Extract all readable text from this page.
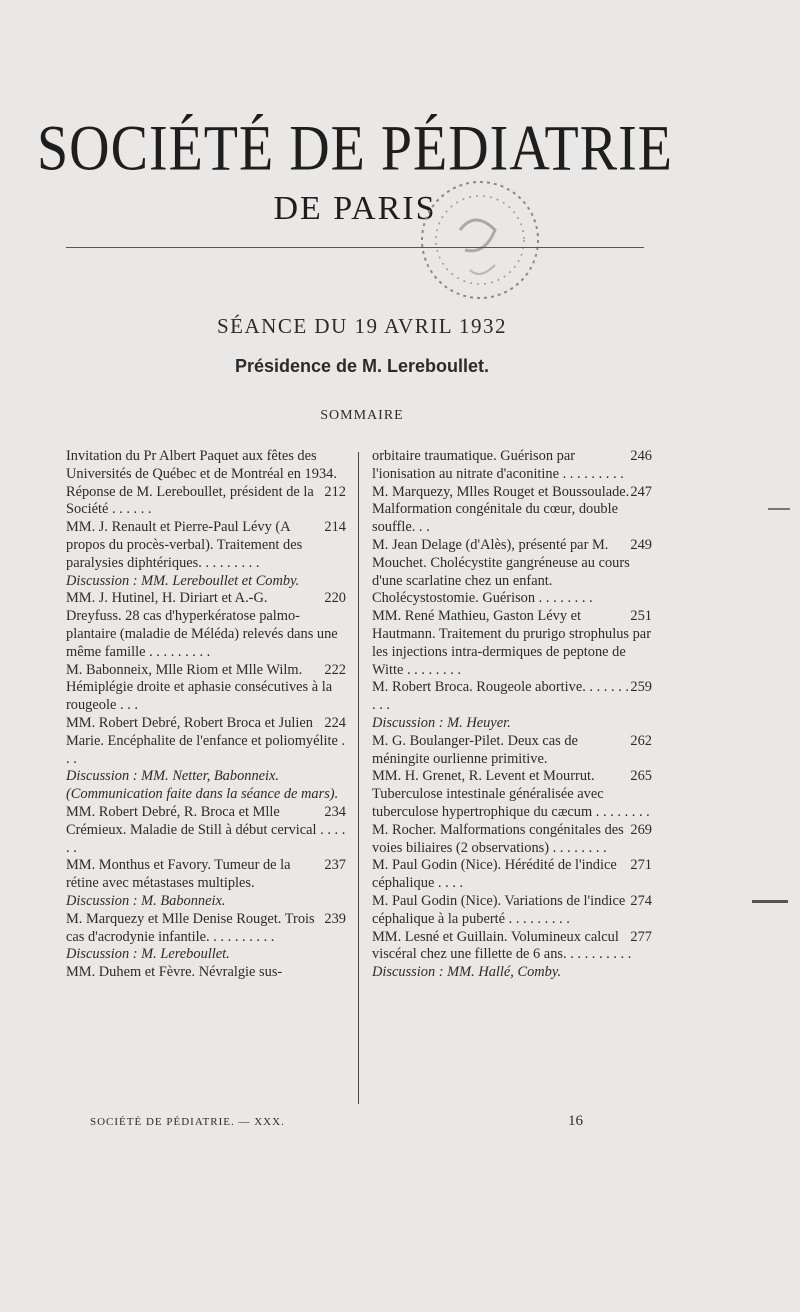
SOCIÉTÉ DE PÉDIATRIE
DE PARIS
SÉANCE DU 19 AVRIL 1932
Présidence de M. Lereboullet.
SOMMAIRE
Invitation du Pr Albert Paquet aux fêtes des Universités de Québec et de Montréal en 1934.
212
Réponse de M. Lereboullet, président de la Société . . . . . .
214
MM. J. Renault et Pierre-Paul Lévy (A propos du procès-verbal). Traitement des paralysies diphtériques. . . . . . . . .
Discussion : MM. Lereboullet et Comby.
220
MM. J. Hutinel, H. Diriart et A.-G. Dreyfuss. 28 cas d'hyperkératose palmo-plantaire (maladie de Méléda) relevés dans une même famille . . . . . . . . .
222
M. Babonneix, Mlle Riom et Mlle Wilm. Hémiplégie droite et aphasie consécutives à la rougeole . . .
224
MM. Robert Debré, Robert Broca et Julien Marie. Encéphalite de l'enfance et poliomyélite . . .
Discussion : MM. Netter, Babonneix. (Communication faite dans la séance de mars).
234
MM. Robert Debré, R. Broca et Mlle Crémieux. Maladie de Still à début cervical . . . . . .
237
MM. Monthus et Favory. Tumeur de la rétine avec métastases multiples.
Discussion : M. Babonneix.
239
M. Marquezy et Mlle Denise Rouget. Trois cas d'acrodynie infantile. . . . . . . . . .
Discussion : M. Lereboullet.
MM. Duhem et Fèvre. Névralgie sus-
246
orbitaire traumatique. Guérison par l'ionisation au nitrate d'aconitine . . . . . . . . .
247
M. Marquezy, Mlles Rouget et Boussoulade. Malformation congénitale du cœur, double souffle. . .
249
M. Jean Delage (d'Alès), présenté par M. Mouchet. Cholécystite gangréneuse au cours d'une scarlatine chez un enfant. Cholécystostomie. Guérison . . . . . . . .
251
MM. René Mathieu, Gaston Lévy et Hautmann. Traitement du prurigo strophulus par les injections intra-dermiques de peptone de Witte . . . . . . . .
259
M. Robert Broca. Rougeole abortive. . . . . . . . . .
Discussion : M. Heuyer.
262
M. G. Boulanger-Pilet. Deux cas de méningite ourlienne primitive.
265
MM. H. Grenet, R. Levent et Mourrut. Tuberculose intestinale généralisée avec tuberculose hypertrophique du cæcum . . . . . . . .
269
M. Rocher. Malformations congénitales des voies biliaires (2 observations) . . . . . . . .
271
M. Paul Godin (Nice). Hérédité de l'indice céphalique . . . .
274
M. Paul Godin (Nice). Variations de l'indice céphalique à la puberté . . . . . . . . .
277
MM. Lesné et Guillain. Volumineux calcul viscéral chez une fillette de 6 ans. . . . . . . . . .
Discussion : MM. Hallé, Comby.
SOCIÉTÉ DE PÉDIATRIE. — XXX.	16
